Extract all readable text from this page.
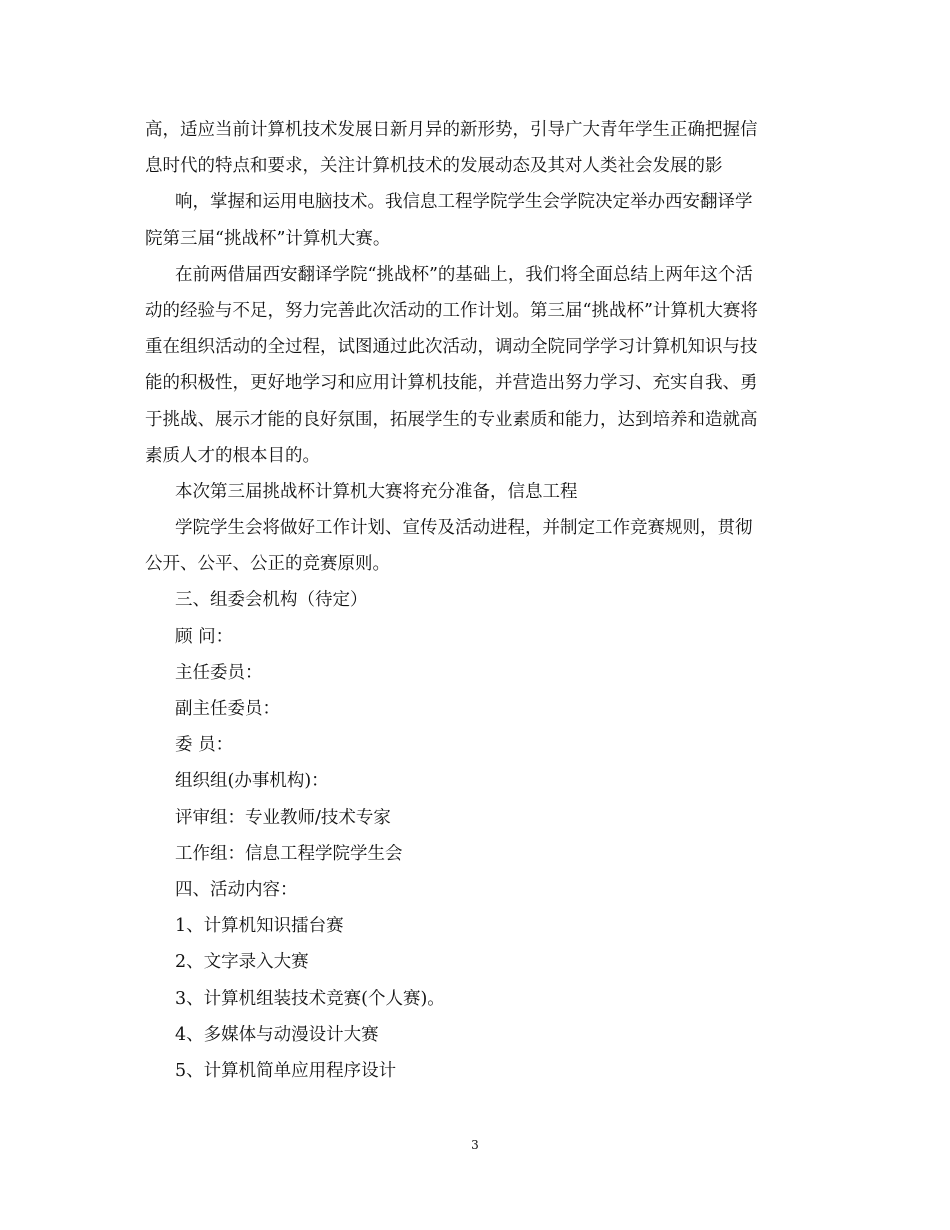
高，适应当前计算机技术发展日新月异的新形势，引导广大青年学生正确把握信
息时代的特点和要求，关注计算机技术的发展动态及其对人类社会发展的影
响，掌握和运用电脑技术。我信息工程学院学生会学院决定举办西安翻译学
院第三届“挑战杯”计算机大赛。
在前两借届西安翻译学院“挑战杯”的基础上，我们将全面总结上两年这个活
动的经验与不足，努力完善此次活动的工作计划。第三届“挑战杯”计算机大赛将
重在组织活动的全过程，试图通过此次活动，调动全院同学学习计算机知识与技
能的积极性，更好地学习和应用计算机技能，并营造出努力学习、充实自我、勇
于挑战、展示才能的良好氛围，拓展学生的专业素质和能力，达到培养和造就高
素质人才的根本目的。
本次第三届挑战杯计算机大赛将充分准备，信息工程
学院学生会将做好工作计划、宣传及活动进程，并制定工作竞赛规则，贯彻
公开、公平、公正的竞赛原则。
三、组委会机构（待定）
顾 问：
主任委员：
副主任委员：
委 员：
组织组(办事机构)：
评审组：专业教师/技术专家
工作组：信息工程学院学生会
四、活动内容：
1、计算机知识擂台赛
2、文字录入大赛
3、计算机组装技术竞赛(个人赛)。
4、多媒体与动漫设计大赛
5、计算机简单应用程序设计
3
